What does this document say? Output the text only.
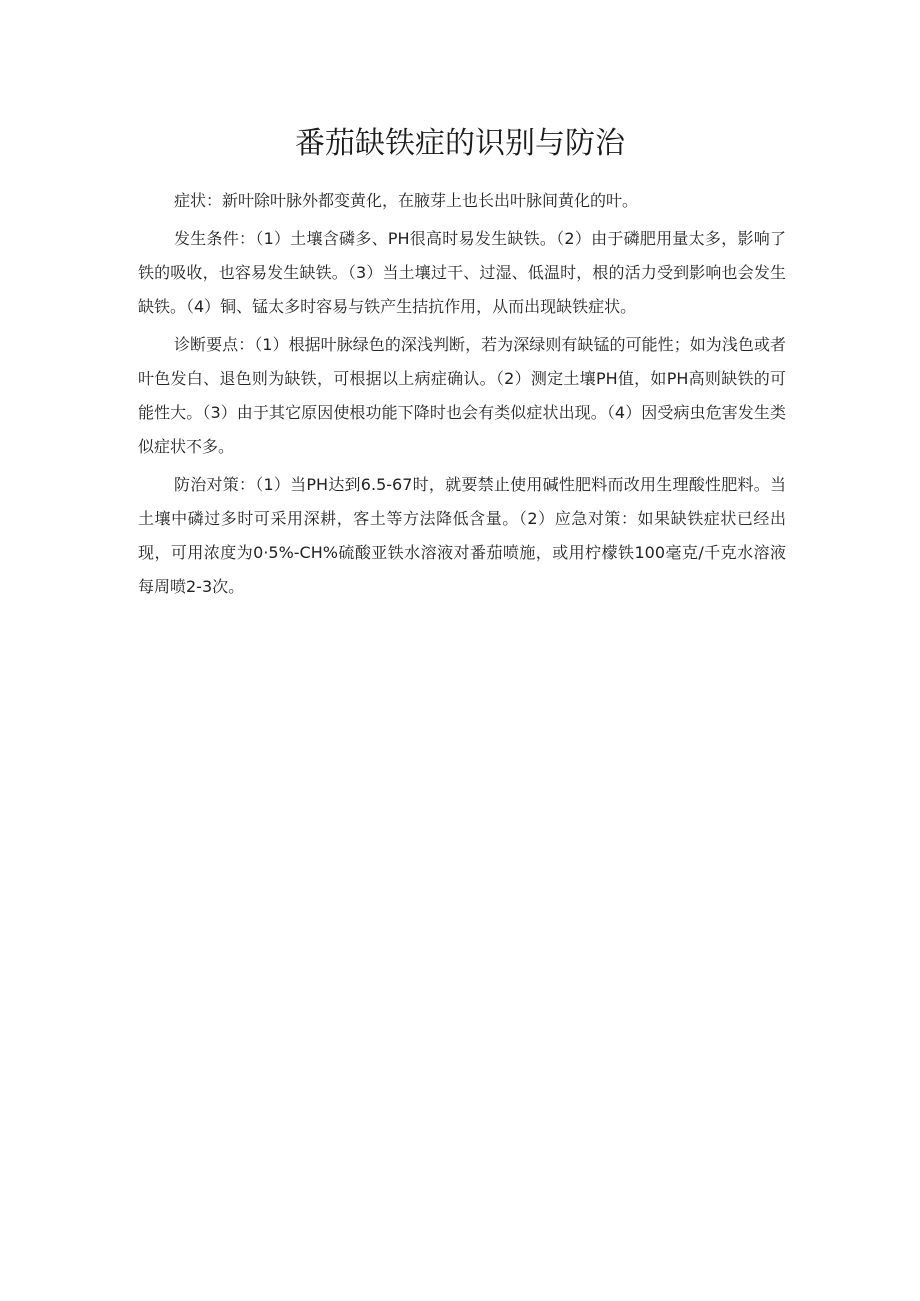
番茄缺铁症的识别与防治

症状：新叶除叶脉外都变黄化，在腋芽上也长出叶脉间黄化的叶。

发生条件：（1）土壤含磷多、PH很高时易发生缺铁。（2）由于磷肥用量太多，影响了铁的吸收，也容易发生缺铁。（3）当土壤过干、过湿、低温时，根的活力受到影响也会发生缺铁。（4）铜、锰太多时容易与铁产生拮抗作用，从而出现缺铁症状。

诊断要点：（1）根据叶脉绿色的深浅判断，若为深绿则有缺锰的可能性；如为浅色或者叶色发白、退色则为缺铁，可根据以上病症确认。（2）测定土壤PH值，如PH高则缺铁的可能性大。（3）由于其它原因使根功能下降时也会有类似症状出现。（4）因受病虫危害发生类似症状不多。

防治对策：（1）当PH达到6.5-67时，就要禁止使用碱性肥料而改用生理酸性肥料。当土壤中磷过多时可采用深耕，客土等方法降低含量。（2）应急对策：如果缺铁症状已经出现，可用浓度为0·5%-CH%硫酸亚铁水溶液对番茄喷施，或用柠檬铁100毫克/千克水溶液每周喷2-3次。
